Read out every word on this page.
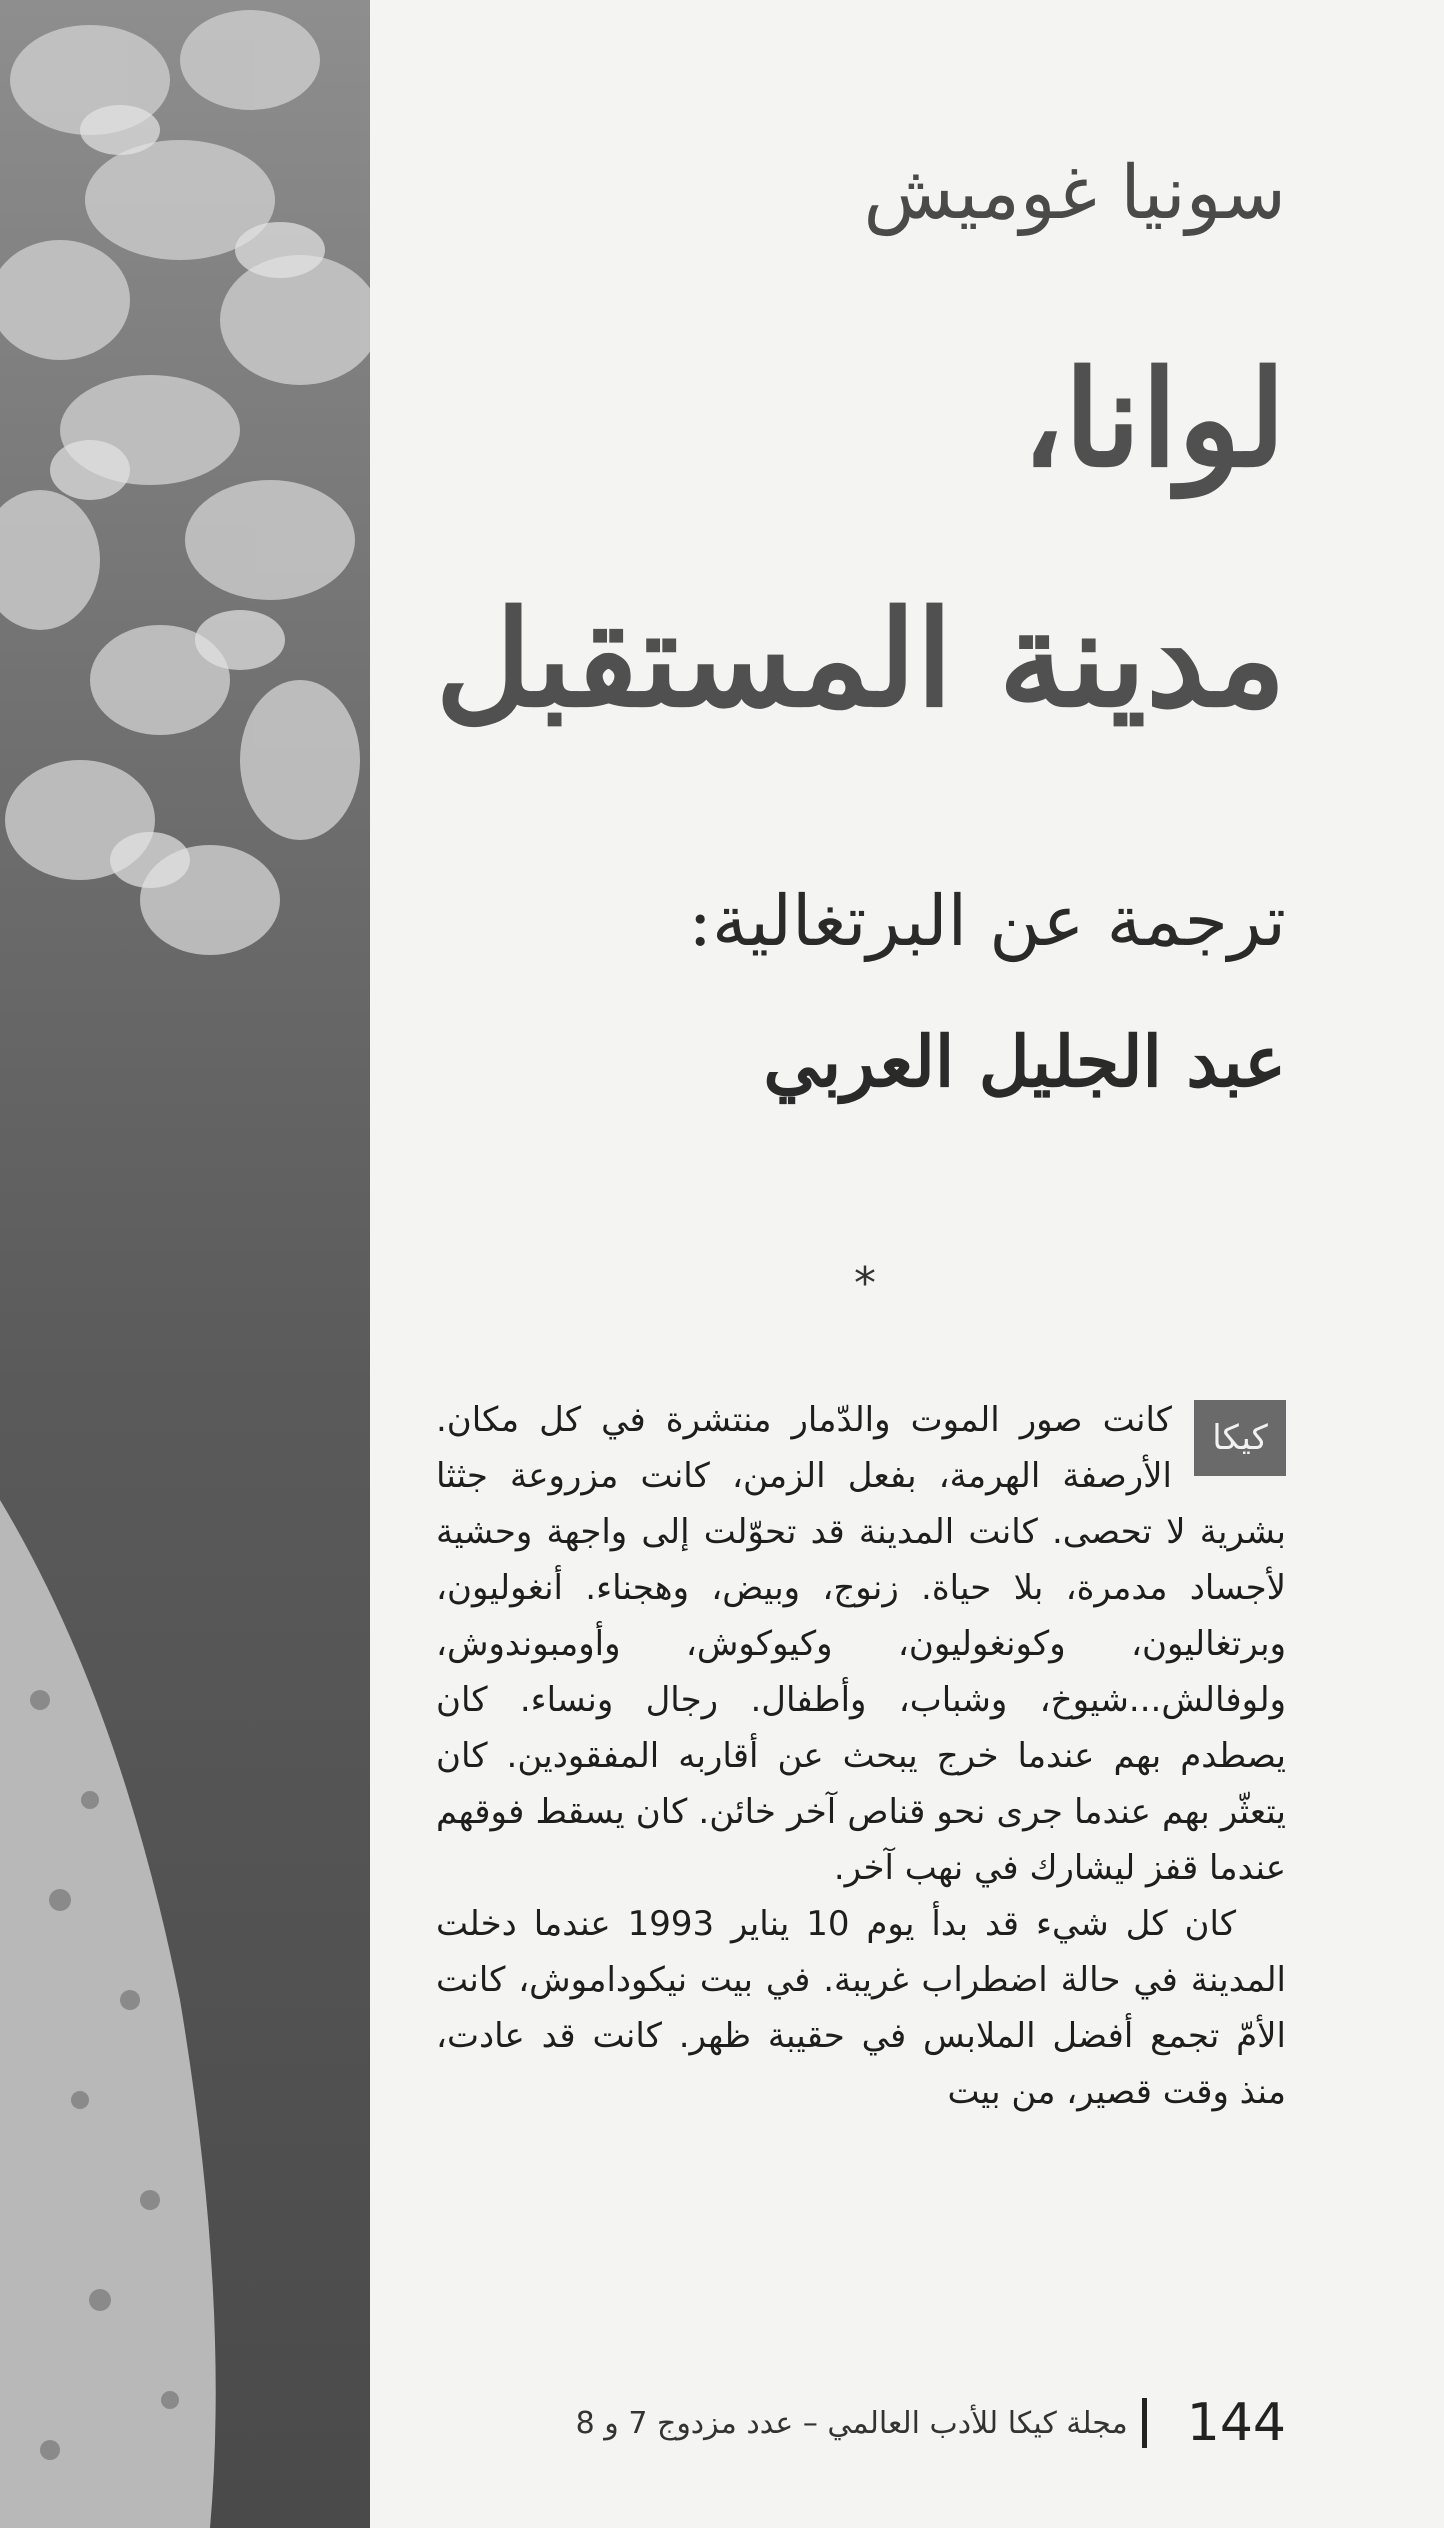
سونيا غوميش
لوانا،
مدينة المستقبل
ترجمة عن البرتغالية:
عبد الجليل العربي
*

كيكا
كانت صور الموت والدّمار منتشرة في كل مكان. الأرصفة الهرمة، بفعل الزمن، كانت مزروعة جثثا بشرية لا تحصى. كانت المدينة قد تحوّلت إلى واجهة وحشية لأجساد مدمرة، بلا حياة. زنوج، وبيض، وهجناء. أنغوليون، وبرتغاليون، وكونغوليون، وكيوكوش، وأومبوندوش، ولوفالش...شيوخ، وشباب، وأطفال. رجال ونساء. كان يصطدم بهم عندما خرج يبحث عن أقاربه المفقودين. كان يتعثّر بهم عندما جرى نحو قناص آخر خائن. كان يسقط فوقهم عندما قفز ليشارك في نهب آخر.

كان كل شيء قد بدأ يوم 10 يناير 1993 عندما دخلت المدينة في حالة اضطراب غريبة. في بيت نيكوداموش، كانت الأمّ تجمع أفضل الملابس في حقيبة ظهر. كانت قد عادت، منذ وقت قصير، من بيت

144
مجلة كيكا للأدب العالمي – عدد مزدوج 7 و 8
